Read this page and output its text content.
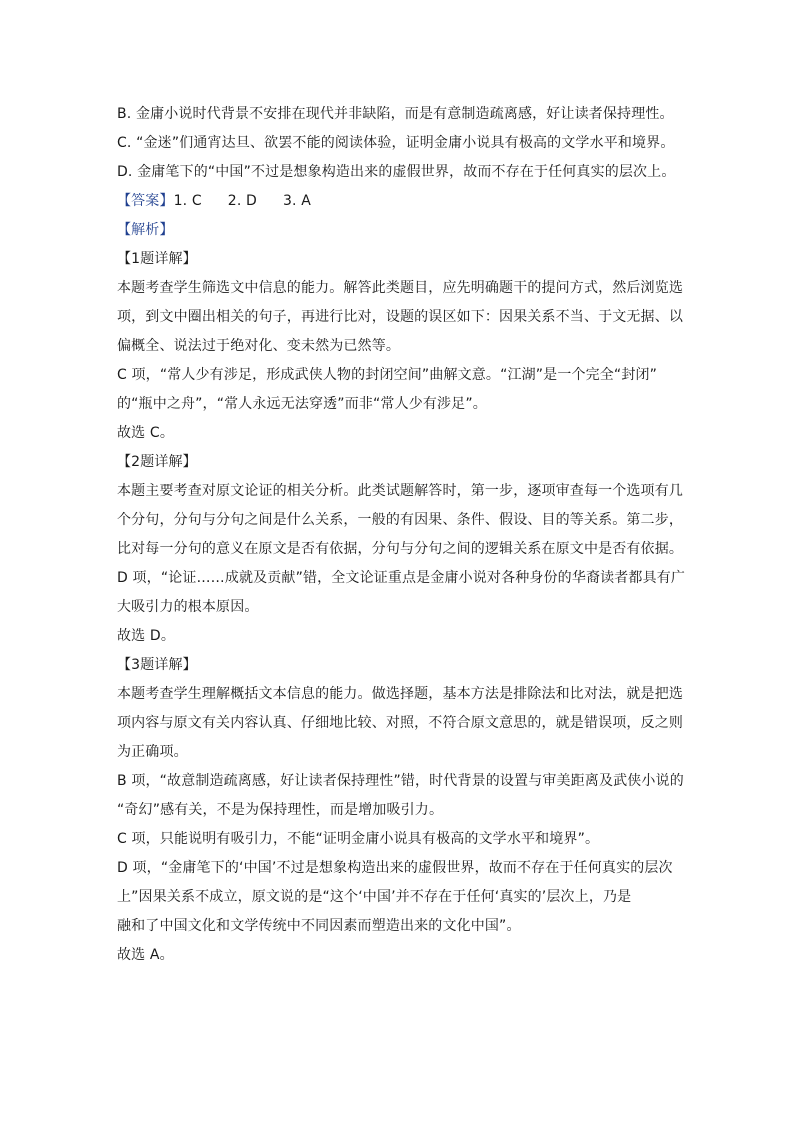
B. 金庸小说时代背景不安排在现代并非缺陷，而是有意制造疏离感，好让读者保持理性。
C. “金迷”们通宵达旦、欲罢不能的阅读体验，证明金庸小说具有极高的文学水平和境界。
D. 金庸笔下的“中国”不过是想象构造出来的虚假世界，故而不存在于任何真实的层次上。
【答案】1. C 2. D 3. A
【解析】
【1题详解】
本题考查学生筛选文中信息的能力。解答此类题目，应先明确题干的提问方式，然后浏览选
项，到文中圈出相关的句子，再进行比对，设题的误区如下：因果关系不当、于文无据、以
偏概全、说法过于绝对化、变未然为已然等。
C 项，“常人少有涉足，形成武侠人物的封闭空间”曲解文意。“江湖”是一个完全“封闭”
的“瓶中之舟”，“常人永远无法穿透”而非“常人少有涉足”。
故选 C。
【2题详解】
本题主要考查对原文论证的相关分析。此类试题解答时，第一步，逐项审查每一个选项有几
个分句，分句与分句之间是什么关系，一般的有因果、条件、假设、目的等关系。第二步，
比对每一分句的意义在原文是否有依据，分句与分句之间的逻辑关系在原文中是否有依据。
D 项，“论证……成就及贡献”错，全文论证重点是金庸小说对各种身份的华裔读者都具有广
大吸引力的根本原因。
故选 D。
【3题详解】
本题考查学生理解概括文本信息的能力。做选择题，基本方法是排除法和比对法，就是把选
项内容与原文有关内容认真、仔细地比较、对照，不符合原文意思的，就是错误项，反之则
为正确项。
B 项，“故意制造疏离感，好让读者保持理性”错，时代背景的设置与审美距离及武侠小说的
“奇幻”感有关，不是为保持理性，而是增加吸引力。
C 项，只能说明有吸引力，不能“证明金庸小说具有极高的文学水平和境界”。
D 项，“金庸笔下的‘中国’不过是想象构造出来的虚假世界，故而不存在于任何真实的层次
上”因果关系不成立，原文说的是“这个‘中国’并不存在于任何‘真实的’层次上，乃是
融和了中国文化和文学传统中不同因素而塑造出来的文化中国”。
故选 A。
